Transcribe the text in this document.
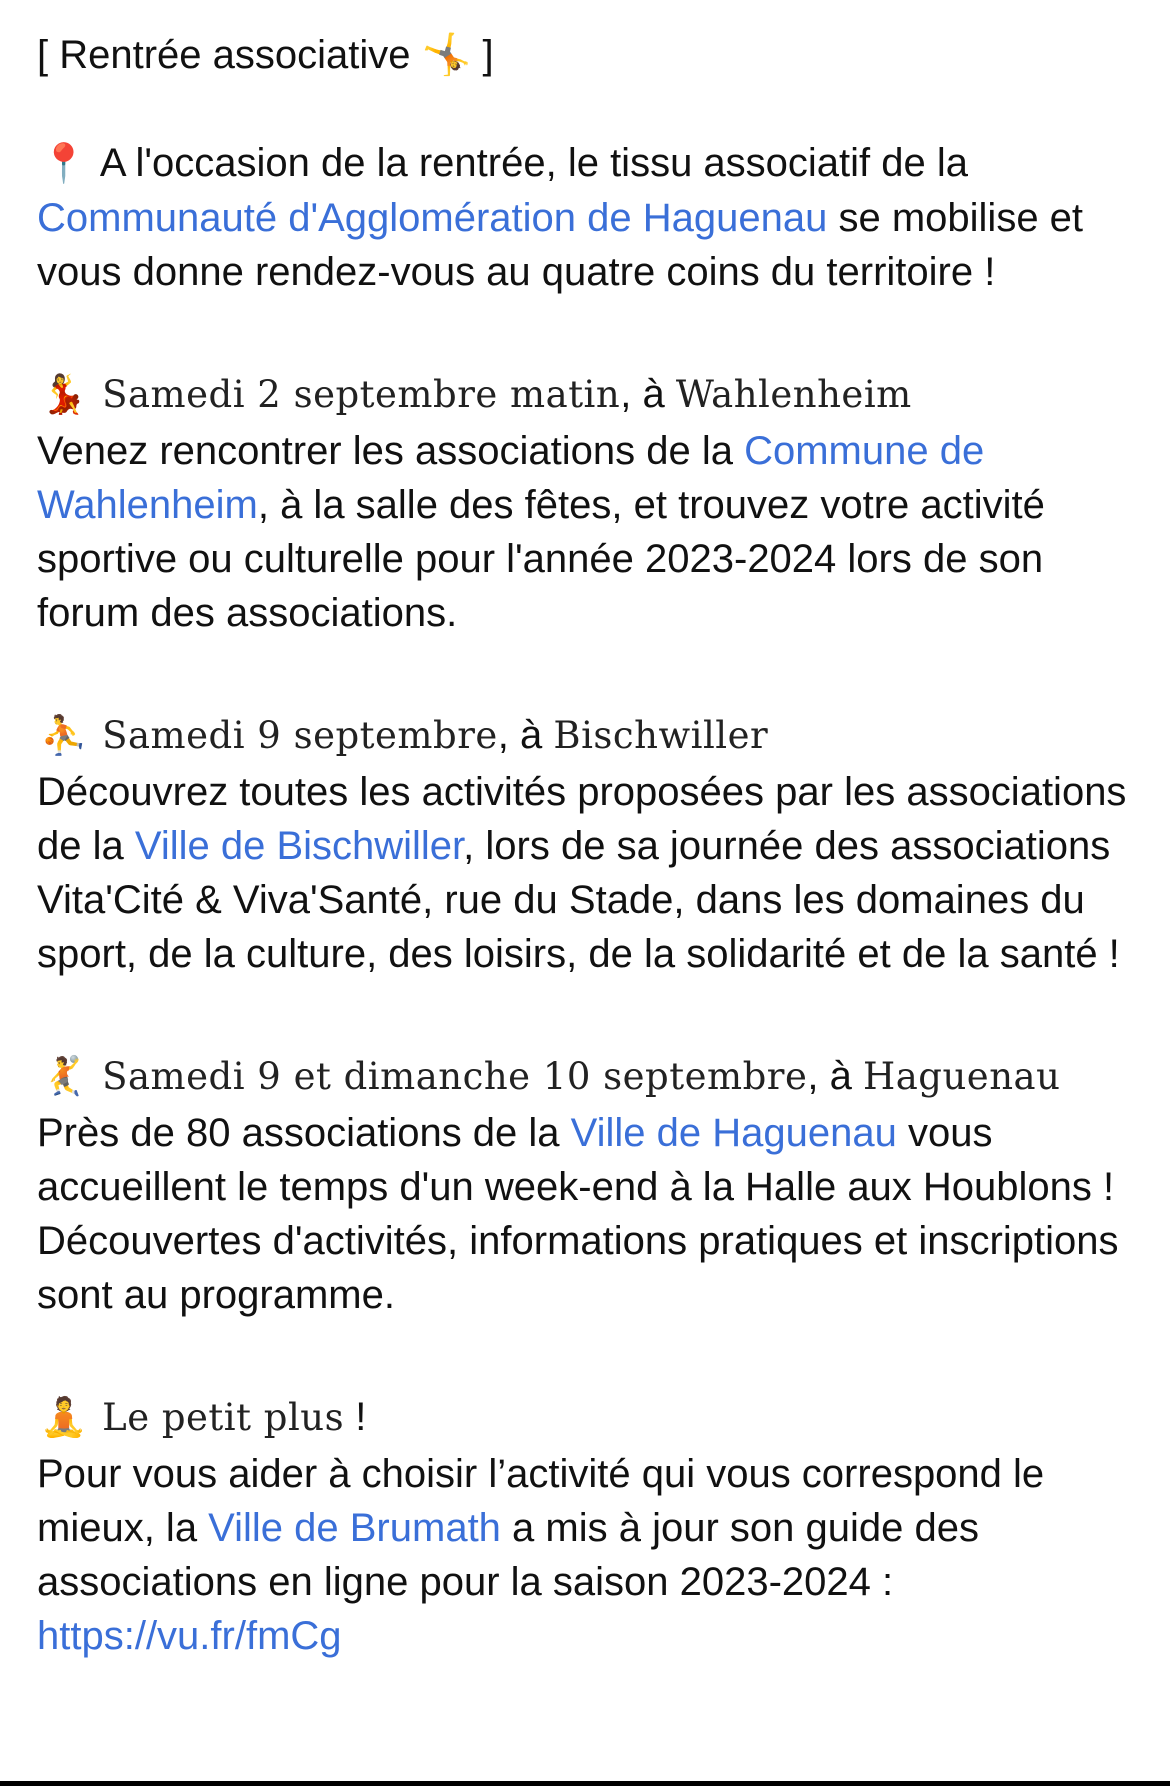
[ Rentrée associative 🤸 ]

📍 A l'occasion de la rentrée, le tissu associatif de la Communauté d'Agglomération de Haguenau se mobilise et vous donne rendez-vous au quatre coins du territoire !

💃 Samedi 2 septembre matin, à Wahlenheim

Venez rencontrer les associations de la Commune de Wahlenheim, à la salle des fêtes, et trouvez votre activité sportive ou culturelle pour l'année 2023-2024 lors de son forum des associations.

⛹ Samedi 9 septembre, à Bischwiller

Découvrez toutes les activités proposées par les associations de la Ville de Bischwiller, lors de sa journée des associations Vita'Cité & Viva'Santé, rue du Stade, dans les domaines du sport, de la culture, des loisirs, de la solidarité et de la santé !

🤾 Samedi 9 et dimanche 10 septembre, à Haguenau

Près de 80 associations de la Ville de Haguenau vous accueillent le temps d'un week-end à la Halle aux Houblons ! Découvertes d'activités, informations pratiques et inscriptions sont au programme.

🧘 Le petit plus !

Pour vous aider à choisir l’activité qui vous correspond le mieux, la Ville de Brumath a mis à jour son guide des associations en ligne pour la saison 2023-2024 : https://vu.fr/fmCg
